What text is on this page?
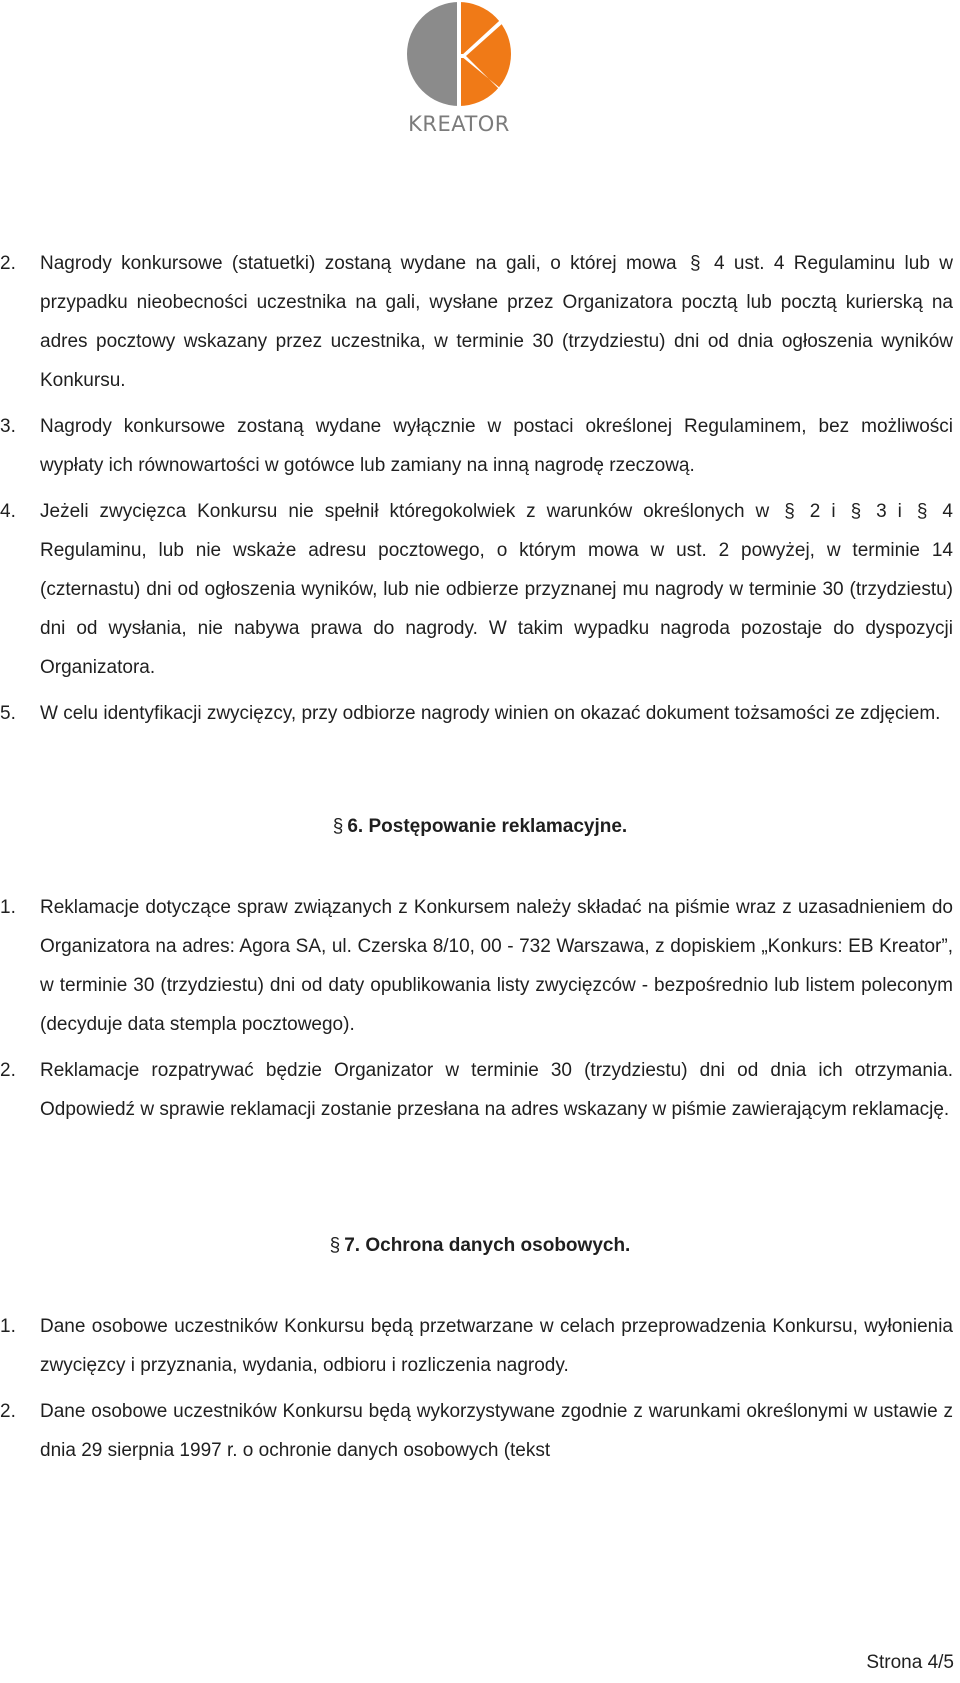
KREATOR
2.	Nagrody konkursowe (statuetki) zostaną wydane na gali, o której mowa § 4 ust. 4 Regulaminu lub w przypadku nieobecności uczestnika na gali, wysłane przez Organizatora pocztą lub pocztą kurierską na adres pocztowy wskazany przez uczestnika, w terminie 30 (trzydziestu) dni od dnia ogłoszenia wyników Konkursu.
3.	Nagrody konkursowe zostaną wydane wyłącznie w postaci określonej Regulaminem, bez możliwości wypłaty ich równowartości w gotówce lub zamiany na inną nagrodę rzeczową.
4.	Jeżeli zwycięzca Konkursu nie spełnił któregokolwiek z warunków określonych w § 2 i § 3 i § 4 Regulaminu, lub nie wskaże adresu pocztowego, o którym mowa w ust. 2 powyżej, w terminie 14 (czternastu) dni od ogłoszenia wyników, lub nie odbierze przyznanej mu nagrody w terminie 30 (trzydziestu) dni od wysłania, nie nabywa prawa do nagrody. W takim wypadku nagroda pozostaje do dyspozycji Organizatora.
5.	W celu identyfikacji zwycięzcy, przy odbiorze nagrody winien on okazać dokument tożsamości ze zdjęciem.
§ 6. Postępowanie reklamacyjne.
1.	Reklamacje dotyczące spraw związanych z Konkursem należy składać na piśmie wraz z uzasadnieniem do Organizatora na adres: Agora SA, ul. Czerska 8/10, 00 - 732 Warszawa, z dopiskiem „Konkurs: EB Kreator”, w terminie 30 (trzydziestu) dni od daty opublikowania listy zwycięzców - bezpośrednio lub listem poleconym (decyduje data stempla pocztowego).
2.	Reklamacje rozpatrywać będzie Organizator w terminie 30 (trzydziestu) dni od dnia ich otrzymania. Odpowiedź w sprawie reklamacji zostanie przesłana na adres wskazany w piśmie zawierającym reklamację.
§ 7. Ochrona danych osobowych.
1.	Dane osobowe uczestników Konkursu będą przetwarzane w celach przeprowadzenia Konkursu, wyłonienia zwycięzcy i przyznania, wydania, odbioru i rozliczenia nagrody.
2.	Dane osobowe uczestników Konkursu będą wykorzystywane zgodnie z warunkami określonymi w ustawie z dnia 29 sierpnia 1997 r. o ochronie danych osobowych (tekst
Strona 4/5
